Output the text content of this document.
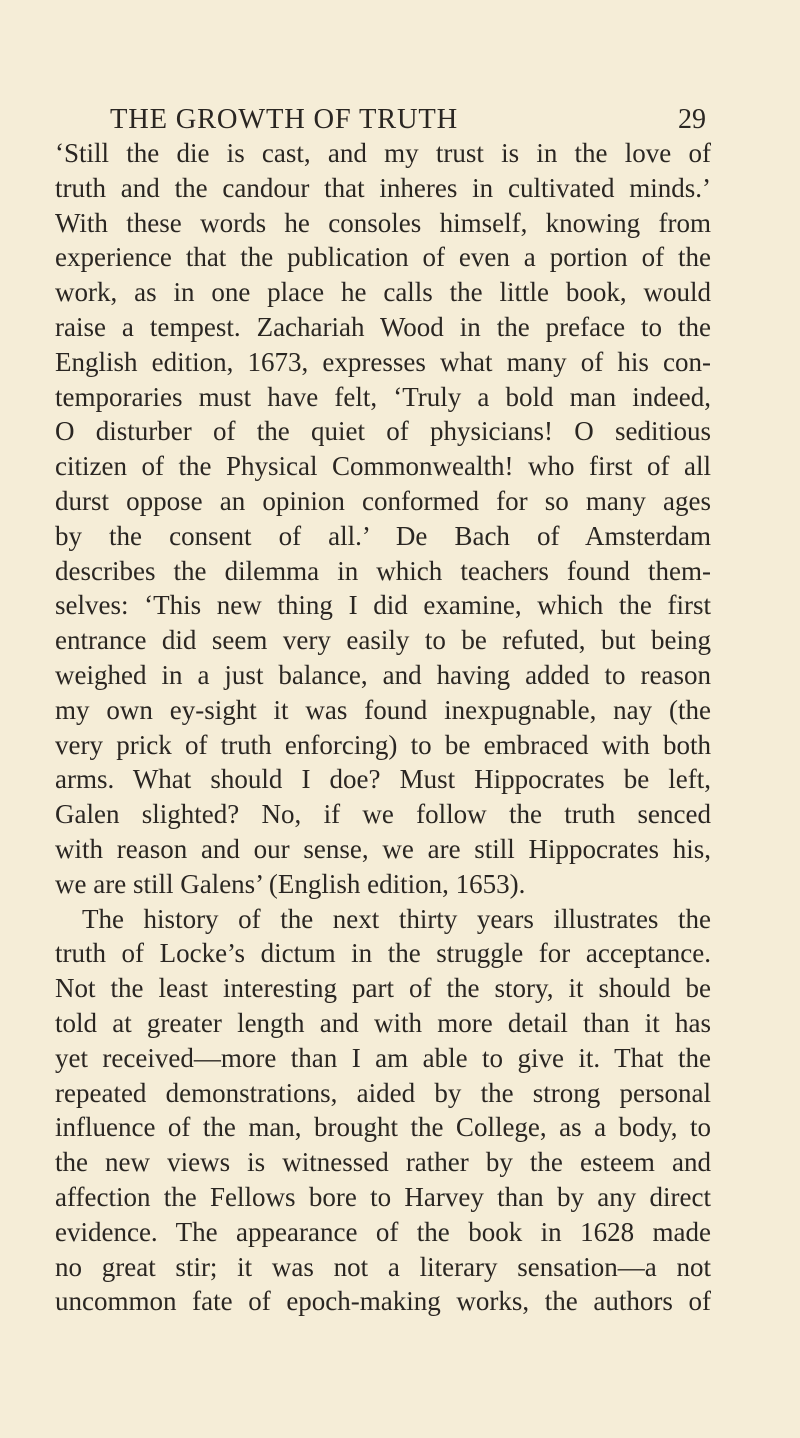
THE GROWTH OF TRUTH	29
‘Still the die is cast, and my trust is in the love of
truth and the candour that inheres in cultivated minds.’
With these words he consoles himself, knowing from
experience that the publication of even a portion of the
work, as in one place he calls the little book, would
raise a tempest. Zachariah Wood in the preface to the
English edition, 1673, expresses what many of his con-
temporaries must have felt, ‘Truly a bold man indeed,
O disturber of the quiet of physicians! O seditious
citizen of the Physical Commonwealth! who first of all
durst oppose an opinion conformed for so many ages
by the consent of all.’ De Bach of Amsterdam
describes the dilemma in which teachers found them-
selves: ‘This new thing I did examine, which the first
entrance did seem very easily to be refuted, but being
weighed in a just balance, and having added to reason
my own ey-sight it was found inexpugnable, nay (the
very prick of truth enforcing) to be embraced with both
arms. What should I doe? Must Hippocrates be left,
Galen slighted? No, if we follow the truth senced
with reason and our sense, we are still Hippocrates his,
we are still Galens’ (English edition, 1653).
The history of the next thirty years illustrates the
truth of Locke’s dictum in the struggle for acceptance.
Not the least interesting part of the story, it should be
told at greater length and with more detail than it has
yet received—more than I am able to give it. That the
repeated demonstrations, aided by the strong personal
influence of the man, brought the College, as a body, to
the new views is witnessed rather by the esteem and
affection the Fellows bore to Harvey than by any direct
evidence. The appearance of the book in 1628 made
no great stir; it was not a literary sensation—a not
uncommon fate of epoch-making works, the authors of
